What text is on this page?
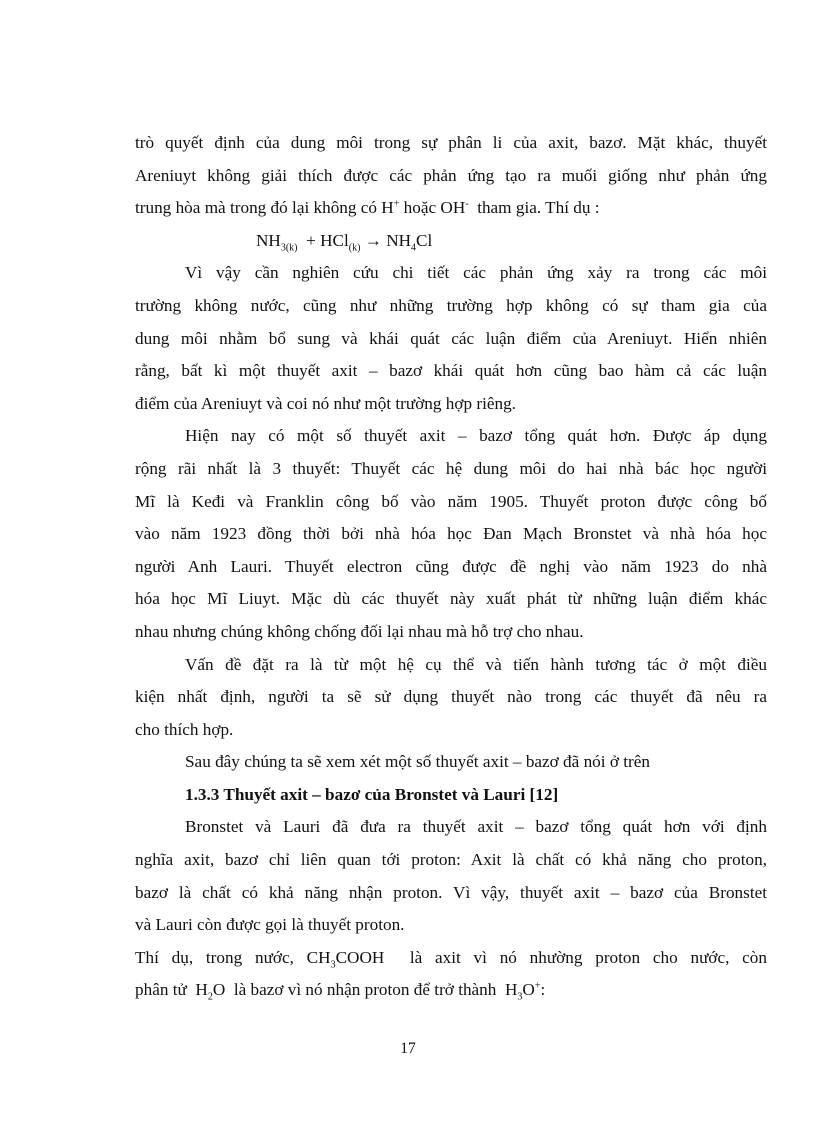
trò quyết định của dung môi trong sự phân li của axit, bazơ. Mặt khác, thuyết
Areniuyt không giải thích được các phản ứng tạo ra muối giống như phản ứng
trung hòa mà trong đó lại không có H+ hoặc OH-  tham gia. Thí dụ :
$NH_{3(k)} + HCl_{(k)} \to NH_4Cl$
Vì vậy cần nghiên cứu chi tiết các phản ứng xảy ra trong các môi
trường không nước, cũng như những trường hợp không có sự tham gia của
dung môi nhằm bổ sung và khái quát các luận điểm của Areniuyt. Hiển nhiên
rằng, bất kì một thuyết axit – bazơ khái quát hơn cũng bao hàm cả các luận
điểm của Areniuyt và coi nó như một trường hợp riêng.
Hiện nay có một số thuyết axit – bazơ tổng quát hơn. Được áp dụng
rộng rãi nhất là 3 thuyết: Thuyết các hệ dung môi do hai nhà bác học người
Mĩ là Keđi và Franklin công bố vào năm 1905. Thuyết proton được công bố
vào năm 1923 đồng thời bởi nhà hóa học Đan Mạch Bronstet và nhà hóa học
người Anh Lauri. Thuyết electron cũng được đề nghị vào năm 1923 do nhà
hóa học Mĩ Liuyt. Mặc dù các thuyết này xuất phát từ những luận điểm khác
nhau nhưng chúng không chống đối lại nhau mà hỗ trợ cho nhau.
Vấn đề đặt ra là từ một hệ cụ thể và tiến hành tương tác ở một điều
kiện nhất định, người ta sẽ sử dụng thuyết nào trong các thuyết đã nêu ra
cho thích hợp.
Sau đây chúng ta sẽ xem xét một số thuyết axit – bazơ đã nói ở trên
1.3.3 Thuyết axit – bazơ của Bronstet và Lauri [12]
Bronstet và Lauri đã đưa ra thuyết axit – bazơ tổng quát hơn với định
nghĩa axit, bazơ chỉ liên quan tới proton: Axit là chất có khả năng cho proton,
bazơ là chất có khả năng nhận proton. Vì vậy, thuyết axit – bazơ của Bronstet
và Lauri còn được gọi là thuyết proton.
Thí dụ, trong nước, $CH_3COOH$  là axit vì nó nhường proton cho nước, còn
phân tử  $H_2O$  là bazơ vì nó nhận proton để trở thành  $H_3O^+$:
17
